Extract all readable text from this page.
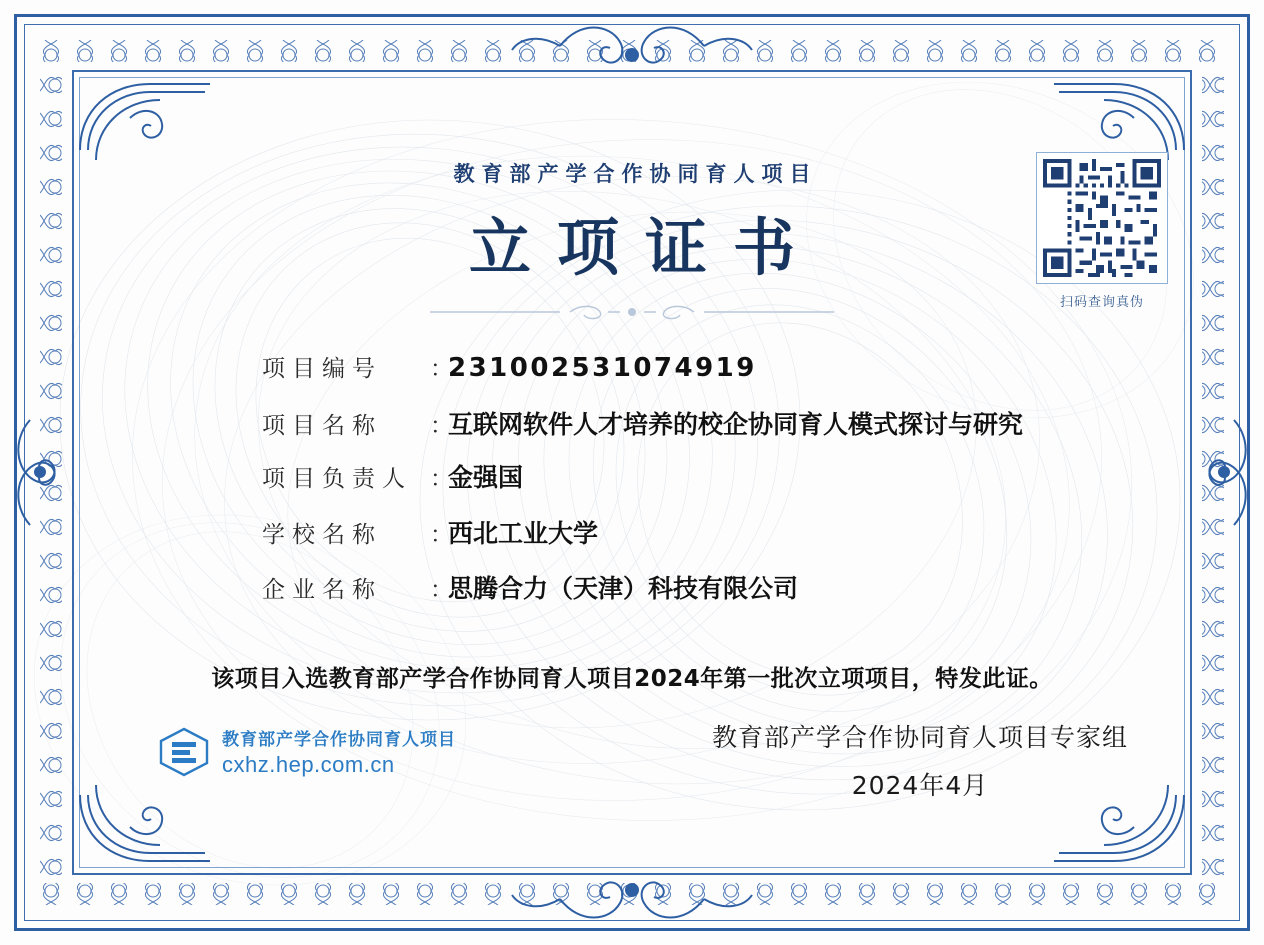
教育部产学合作协同育人项目
立项证书
扫码查询真伪
项目编号	：
231002531074919
项目名称	：
互联网软件人才培养的校企协同育人模式探讨与研究
项目负责人 ：
金强国
学校名称	：
西北工业大学
企业名称	：
思腾合力（天津）科技有限公司
该项目入选教育部产学合作协同育人项目2024年第一批次立项项目，特发此证。
教育部产学合作协同育人项目
cxhz.hep.com.cn
教育部产学合作协同育人项目专家组
2024年4月
